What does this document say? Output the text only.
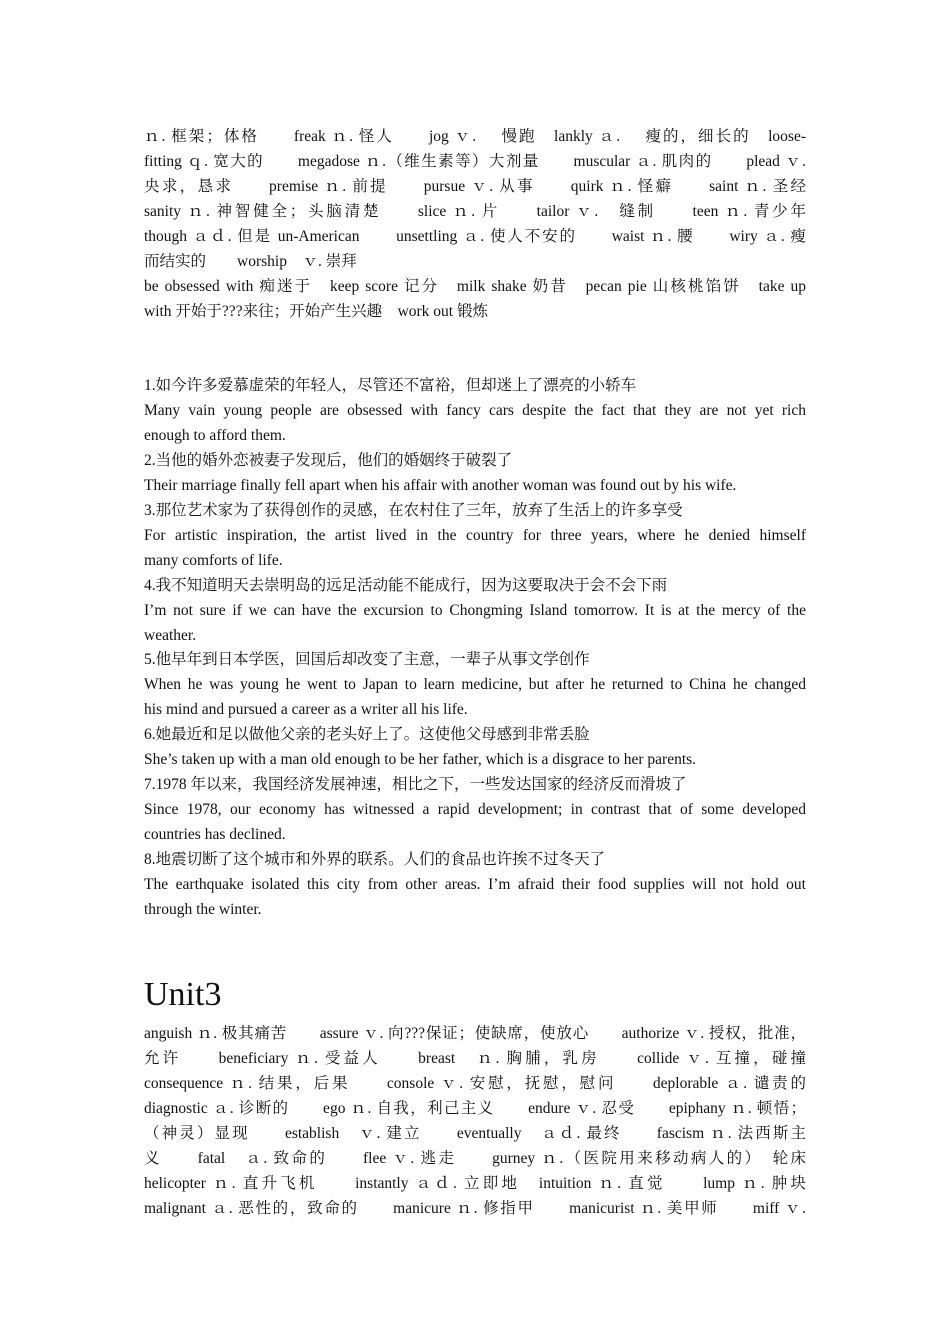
ｎ. 框架；体格　　freak ｎ. 怪人　　jog ｖ.　 慢跑　lankly ａ.　 瘦的，细长的　loose-
fitting ｑ. 宽大的　　megadose ｎ.（维生素等）大剂量　　muscular ａ. 肌肉的　　plead ｖ.
央求，恳求　　premise ｎ. 前提　　pursue ｖ. 从事　　quirk ｎ. 怪癖　　saint ｎ. 圣经
sanity ｎ. 神智健全；头脑清楚　　slice ｎ. 片　　tailor ｖ.　缝制　　teen ｎ. 青少年
though ａｄ. 但是 un-American　　unsettling ａ. 使人不安的　　waist ｎ. 腰　　wiry ａ. 瘦
而结实的　　worship　ｖ. 崇拜
be obsessed with 痴迷于　keep score 记分　milk shake 奶昔　pecan pie 山核桃馅饼　take up
with 开始于???来往；开始产生兴趣　work out 锻炼
1.如今许多爱慕虚荣的年轻人，尽管还不富裕，但却迷上了漂亮的小轿车
Many vain young people are obsessed with fancy cars despite the fact that they are not yet rich
enough to afford them.
2.当他的婚外恋被妻子发现后，他们的婚姻终于破裂了
Their marriage finally fell apart when his affair with another woman was found out by his wife.
3.那位艺术家为了获得创作的灵感，在农村住了三年，放弃了生活上的许多享受
For artistic inspiration, the artist lived in the country for three years, where he denied himself
many comforts of life.
4.我不知道明天去崇明岛的远足活动能不能成行，因为这要取决于会不会下雨
I’m not sure if we can have the excursion to Chongming Island tomorrow. It is at the mercy of the
weather.
5.他早年到日本学医，回国后却改变了主意，一辈子从事文学创作
When he was young he went to Japan to learn medicine, but after he returned to China he changed
his mind and pursued a career as a writer all his life.
6.她最近和足以做他父亲的老头好上了。这使他父母感到非常丢脸
She’s taken up with a man old enough to be her father, which is a disgrace to her parents.
7.1978 年以来，我国经济发展神速，相比之下，一些发达国家的经济反而滑坡了
Since 1978, our economy has witnessed a rapid development; in contrast that of some developed
countries has declined.
8.地震切断了这个城市和外界的联系。人们的食品也许挨不过冬天了
The earthquake isolated this city from other areas. I’m afraid their food supplies will not hold out
through the winter.
Unit3
anguish ｎ. 极其痛苦　　assure ｖ. 向???保证；使缺席，使放心　　authorize ｖ. 授权，批准，
允许　　beneficiary ｎ. 受益人　　breast　ｎ. 胸脯，乳房　　collide ｖ. 互撞，碰撞
consequence ｎ. 结果，后果　　console ｖ. 安慰，抚慰，慰问　　deplorable ａ. 谴责的
diagnostic ａ. 诊断的　　ego ｎ. 自我，利己主义　　endure ｖ. 忍受　　epiphany ｎ. 顿悟；
（神灵）显现　　establish　ｖ. 建立　　eventually　ａｄ. 最终　　fascism ｎ. 法西斯主
义　　fatal　ａ. 致命的　　flee ｖ. 逃走　　gurney ｎ.（医院用来移动病人的）　轮床
helicopter ｎ. 直升飞机　　instantly ａｄ. 立即地　intuition ｎ. 直觉　　lump ｎ. 肿块
malignant ａ. 恶性的，致命的　　manicure ｎ. 修指甲　　manicurist ｎ. 美甲师　　miff ｖ.
